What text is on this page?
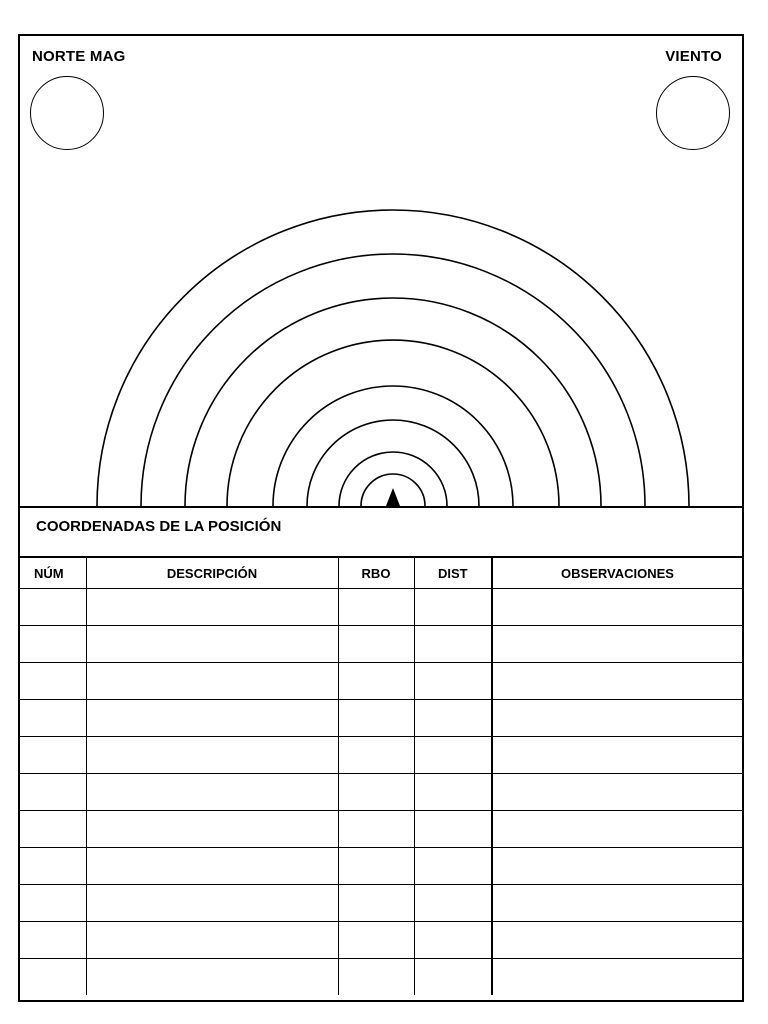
NORTE MAG	VIENTO
COORDENADAS DE LA POSICIÓN
NÚM	DESCRIPCIÓN	RBO	DIST	OBSERVACIONES
